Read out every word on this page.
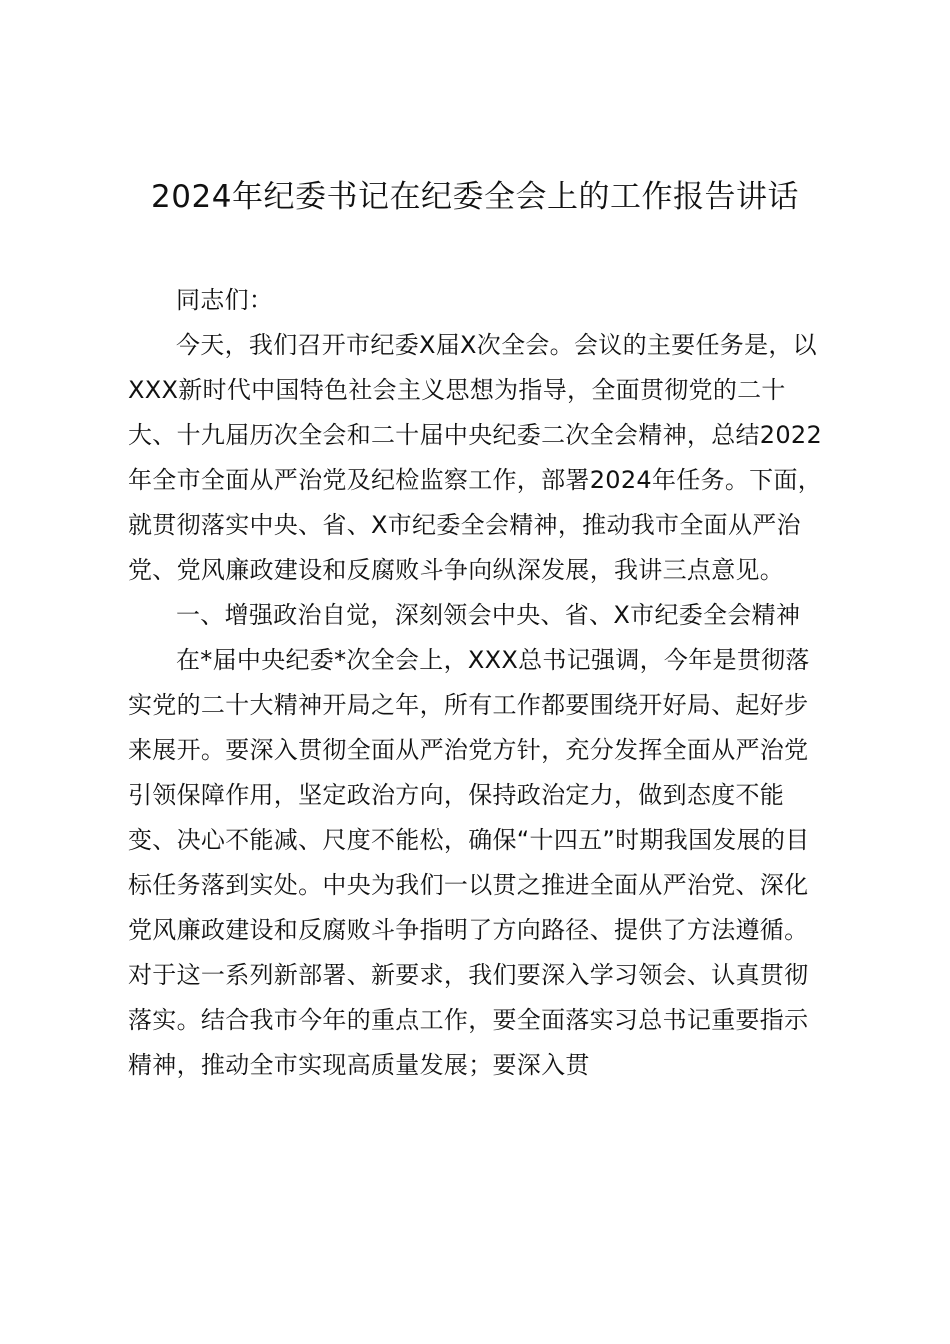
2024年纪委书记在纪委全会上的工作报告讲话

同志们：

今天，我们召开市纪委X届X次全会。会议的主要任务是，以XXX新时代中国特色社会主义思想为指导，全面贯彻党的二十大、十九届历次全会和二十届中央纪委二次全会精神，总结2022年全市全面从严治党及纪检监察工作，部署2024年任务。下面，就贯彻落实中央、省、X市纪委全会精神，推动我市全面从严治党、党风廉政建设和反腐败斗争向纵深发展，我讲三点意见。

一、增强政治自觉，深刻领会中央、省、X市纪委全会精神

在*届中央纪委*次全会上，XXX总书记强调，今年是贯彻落实党的二十大精神开局之年，所有工作都要围绕开好局、起好步来展开。要深入贯彻全面从严治党方针，充分发挥全面从严治党引领保障作用，坚定政治方向，保持政治定力，做到态度不能变、决心不能减、尺度不能松，确保“十四五”时期我国发展的目标任务落到实处。中央为我们一以贯之推进全面从严治党、深化党风廉政建设和反腐败斗争指明了方向路径、提供了方法遵循。对于这一系列新部署、新要求，我们要深入学习领会、认真贯彻落实。结合我市今年的重点工作，要全面落实习总书记重要指示精神，推动全市实现高质量发展；要深入贯
